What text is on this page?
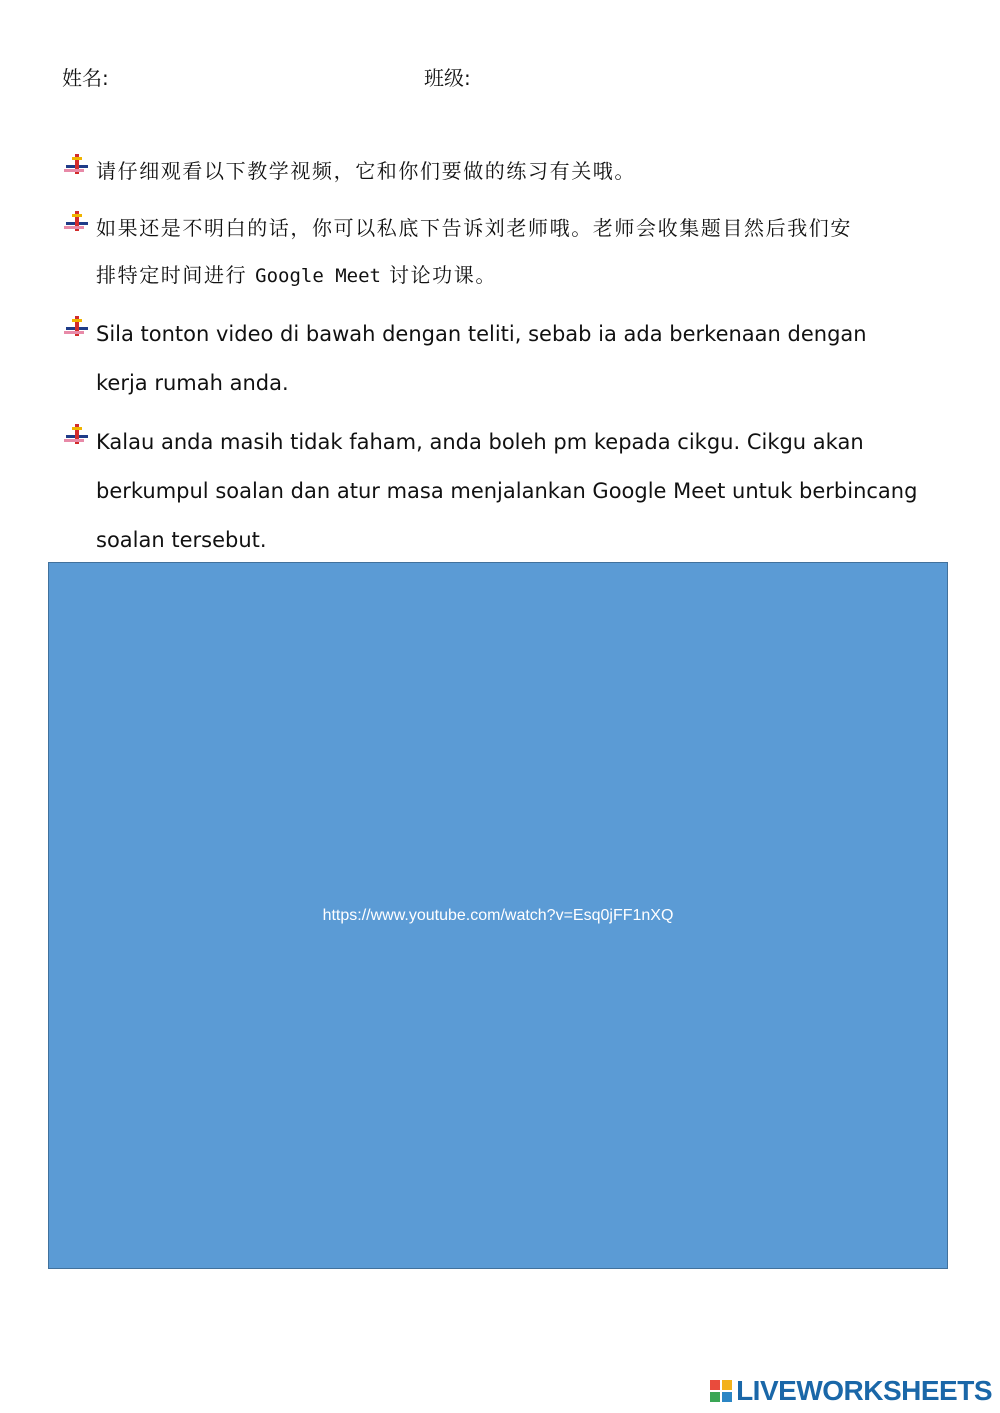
姓名:	班级:
请仔细观看以下教学视频，它和你们要做的练习有关哦。
如果还是不明白的话，你可以私底下告诉刘老师哦。老师会收集题目然后我们安
排特定时间进行 Google Meet 讨论功课。
Sila tonton video di bawah dengan teliti, sebab ia ada berkenaan dengan
kerja rumah anda.
Kalau anda masih tidak faham, anda boleh pm kepada cikgu. Cikgu akan
berkumpul soalan dan atur masa menjalankan Google Meet untuk berbincang
soalan tersebut.
https://www.youtube.com/watch?v=Esq0jFF1nXQ
LIVEWORKSHEETS
